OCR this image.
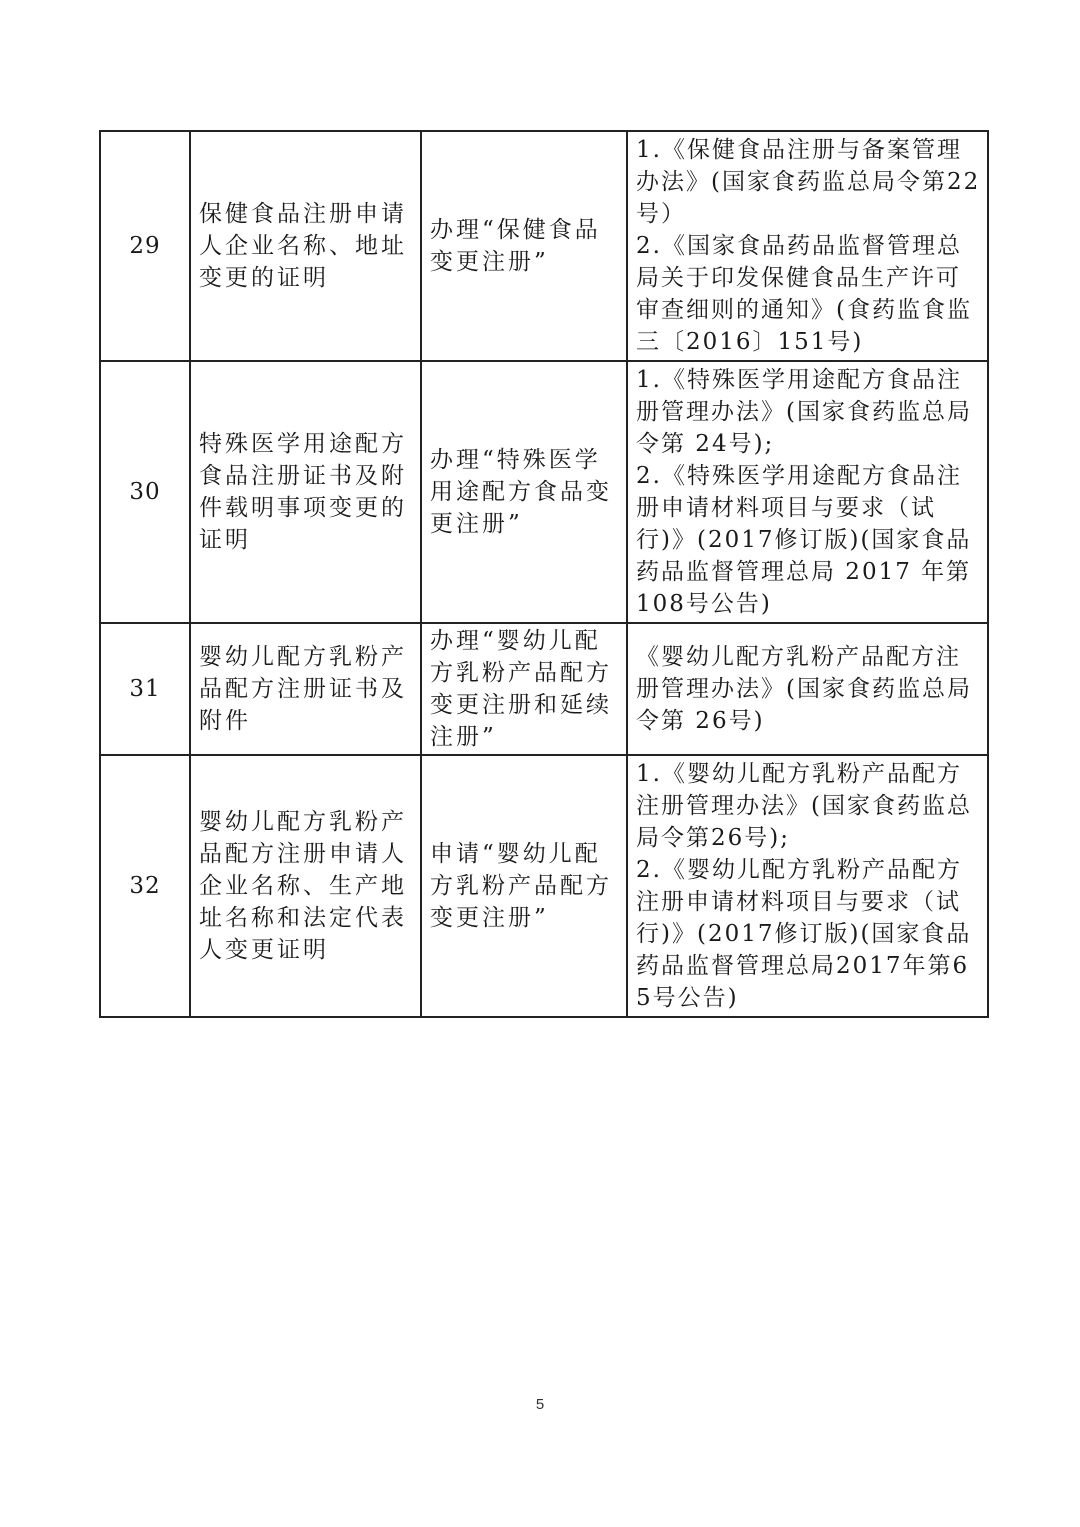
29	保健食品注册申请人企业名称、地址变更的证明	办理“保健食品变更注册”	1.《保健食品注册与备案管理办法》(国家食药监总局令第22号）
2.《国家食品药品监督管理总局关于印发保健食品生产许可审查细则的通知》(食药监食监三〔2016〕151号)

30	特殊医学用途配方食品注册证书及附件载明事项变更的证明	办理“特殊医学用途配方食品变更注册”	1.《特殊医学用途配方食品注册管理办法》(国家食药监总局令第 24号);
2.《特殊医学用途配方食品注册申请材料项目与要求（试行)》(2017修订版)(国家食品药品监督管理总局 2017 年第108号公告)

31	婴幼儿配方乳粉产品配方注册证书及附件	办理“婴幼儿配方乳粉产品配方变更注册和延续注册”	《婴幼儿配方乳粉产品配方注册管理办法》(国家食药监总局令第 26号)

32	婴幼儿配方乳粉产品配方注册申请人企业名称、生产地址名称和法定代表人变更证明	申请“婴幼儿配方乳粉产品配方变更注册”	1.《婴幼儿配方乳粉产品配方注册管理办法》(国家食药监总局令第26号);
2.《婴幼儿配方乳粉产品配方注册申请材料项目与要求（试行)》(2017修订版)(国家食品药品监督管理总局2017年第65号公告)
5
